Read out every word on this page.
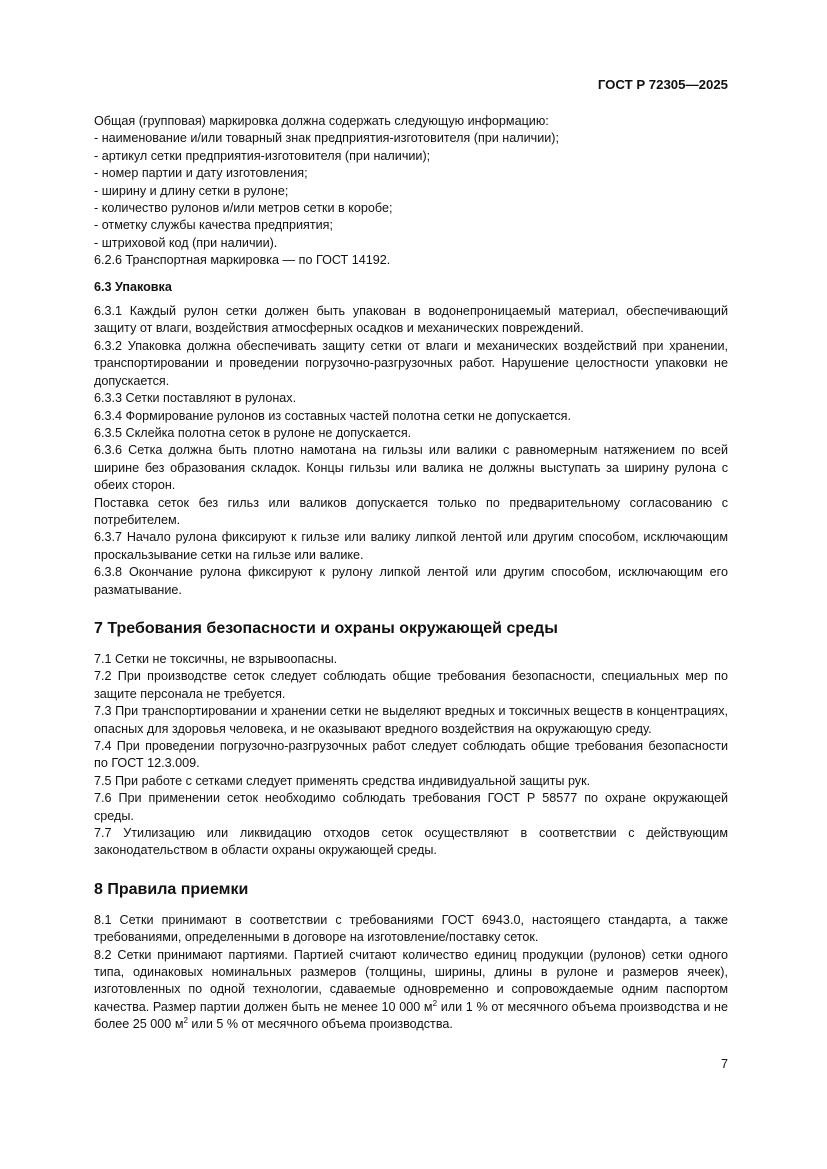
ГОСТ Р 72305—2025

Общая (групповая) маркировка должна содержать следующую информацию:

- наименование и/или товарный знак предприятия-изготовителя (при наличии);

- артикул сетки предприятия-изготовителя (при наличии);

- номер партии и дату изготовления;

- ширину и длину сетки в рулоне;

- количество рулонов и/или метров сетки в коробе;

- отметку службы качества предприятия;

- штриховой код (при наличии).

6.2.6 Транспортная маркировка — по ГОСТ 14192.

6.3 Упаковка

6.3.1 Каждый рулон сетки должен быть упакован в водонепроницаемый материал, обеспечивающий защиту от влаги, воздействия атмосферных осадков и механических повреждений.

6.3.2 Упаковка должна обеспечивать защиту сетки от влаги и механических воздействий при хранении, транспортировании и проведении погрузочно-разгрузочных работ. Нарушение целостности упаковки не допускается.

6.3.3 Сетки поставляют в рулонах.

6.3.4 Формирование рулонов из составных частей полотна сетки не допускается.

6.3.5 Склейка полотна сеток в рулоне не допускается.

6.3.6 Сетка должна быть плотно намотана на гильзы или валики с равномерным натяжением по всей ширине без образования складок. Концы гильзы или валика не должны выступать за ширину рулона с обеих сторон.

Поставка сеток без гильз или валиков допускается только по предварительному согласованию с потребителем.

6.3.7 Начало рулона фиксируют к гильзе или валику липкой лентой или другим способом, исключающим проскальзывание сетки на гильзе или валике.

6.3.8 Окончание рулона фиксируют к рулону липкой лентой или другим способом, исключающим его разматывание.

7 Требования безопасности и охраны окружающей среды

7.1 Сетки не токсичны, не взрывоопасны.

7.2 При производстве сеток следует соблюдать общие требования безопасности, специальных мер по защите персонала не требуется.

7.3 При транспортировании и хранении сетки не выделяют вредных и токсичных веществ в концентрациях, опасных для здоровья человека, и не оказывают вредного воздействия на окружающую среду.

7.4 При проведении погрузочно-разгрузочных работ следует соблюдать общие требования безопасности по ГОСТ 12.3.009.

7.5 При работе с сетками следует применять средства индивидуальной защиты рук.

7.6 При применении сеток необходимо соблюдать требования ГОСТ Р 58577 по охране окружающей среды.

7.7 Утилизацию или ликвидацию отходов сеток осуществляют в соответствии с действующим законодательством в области охраны окружающей среды.

8 Правила приемки

8.1 Сетки принимают в соответствии с требованиями ГОСТ 6943.0, настоящего стандарта, а также требованиями, определенными в договоре на изготовление/поставку сеток.

8.2 Сетки принимают партиями. Партией считают количество единиц продукции (рулонов) сетки одного типа, одинаковых номинальных размеров (толщины, ширины, длины в рулоне и размеров ячеек), изготовленных по одной технологии, сдаваемые одновременно и сопровождаемые одним паспортом качества. Размер партии должен быть не менее 10 000 $м^2$ или 1 % от месячного объема производства и не более 25 000 $м^2$ или 5 % от месячного объема производства.

7
